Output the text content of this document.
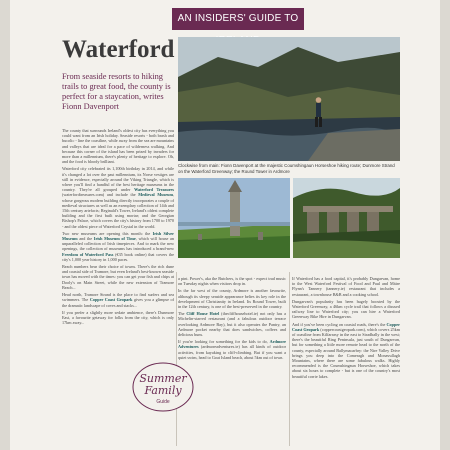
AN INSIDERS' GUIDE TO
Waterford
From seaside resorts to hiking trails to great food, the county is perfect for a staycation, writes Fionn Davenport
Clockwise from main: Fionn Davenport at the majestic Coumshingaun Horseshoe hiking route; Dunmore Strand
on the Waterford Greenway; the Round Tower in Ardmore

The county that surrounds Ireland's oldest city has everything you could want from an Irish holiday. Seaside resorts - both brash and bucolic - line the coastline, while away from the sea are mountains and valleys that are ideal for a pace of wilderness walking. And because this corner of the island has been prized by invaders for more than a millennium, there's plenty of heritage to explore. Oh, and the food is bloody brilliant.

Waterford city celebrated its 1,100th birthday in 2014, and while it's changed a lot over the past millennium, its Norse vestiges are still in evidence, especially around the Viking Triangle, which is where you'll find a handful of the best heritage museums in the country. They're all grouped under Waterford Treasures (waterfordtreasures.com) and include the Medieval Museum, whose gorgeous modern building directly incorporates a couple of medieval structures as well as an exemplary collection of 14th and 15th century artefacts; Reginald's Tower, Ireland's oldest complete building and the first built using mortar; and the Georgian Bishop's Palace, which covers the city's history from 1700 to 1970 - and the oldest piece of Waterford Crystal in the world.

Two new museums are opening this month: the Irish Silver Museum and the Irish Museum of Time, which will house an unparalleled collection of Irish timepieces. And to mark the new openings, the collection of museums has introduced a brand-new Freedom of Waterford Pass (€35 book online) that covers the city's 1,000 year history in 1,000 paces.

Beach numbers bear their choice of towns. There's the rich dune and coastal side of Tramore, but even Ireland's best-known seaside town has moved with the times: you can get your fish and chips at Dooly's on Main Street, while the new extension of Tramore Beach...

Head north, Tramore Strand is the place to find surfers and sea swimmers. The Copper Coast Geopark gives you a glimpse of the dramatic landscape of coves and stacks...

If you prefer a slightly more sedate ambience, there's Dunmore East, a favourite getaway for folks from the city, which is only 17km away...

a pint. Power's, aka the Butchers, is the spot - expect trad music on Tuesday nights when visitors drop in.

In the far west of the county, Ardmore is another favourite, although its sleepy seaside appearance belies its key role in the development of Christianity in Ireland. Its Round Tower, built in the 12th century, is one of the best-preserved in the country.

The Cliff House Hotel (thecliffhousehotel.ie) not only has a Michelin-starred restaurant (and a fabulous outdoor terrace overlooking Ardmore Bay), but it also operates the Pantry, an Ardmore pocket nearby that does sandwiches, coffees and delicious buns.

If you're looking for something for the kids to do, Ardmore Adventures (ardmoreadventures.ie) has all kinds of outdoor activities, from kayaking to cliff-climbing. But if you want a quiet swim, head to Goat Island beach, about 5km out of town.

If Waterford has a food capital, it's probably Dungarvan, home to the West Waterford Festival of Food and Paul and Máire Flynn's Tannery (tannery.ie) restaurant that includes a restaurant, a townhouse B&B and a cooking school.

Dungarvan's popularity has been hugely boosted by the Waterford Greenway, a 46km cycle trail that follows a disused railway line to Waterford city; you can hire a Waterford Greenway Bike Hire in Dungarvan.

And if you've been cycling on coastal roads, there's the Copper Coast Geopark (coppercoastgeopark.com), which covers 25km of coastline from Kilfarrasy in the east to Stradbally in the west; there's the beautiful Ring Peninsula, just south of Dungarvan, but for something a little more remote head to the north of the county, especially around Ballymacarbry: the Nire Valley Drive brings you deep into the Comeragh and Monavullagh Mountains, where there are some fabulous walks. Highly recommended is the Coumshingaun Horseshoe, which takes about six hours to complete - but is one of the country's most beautiful corrie lakes.

Summer
Family
Guide
